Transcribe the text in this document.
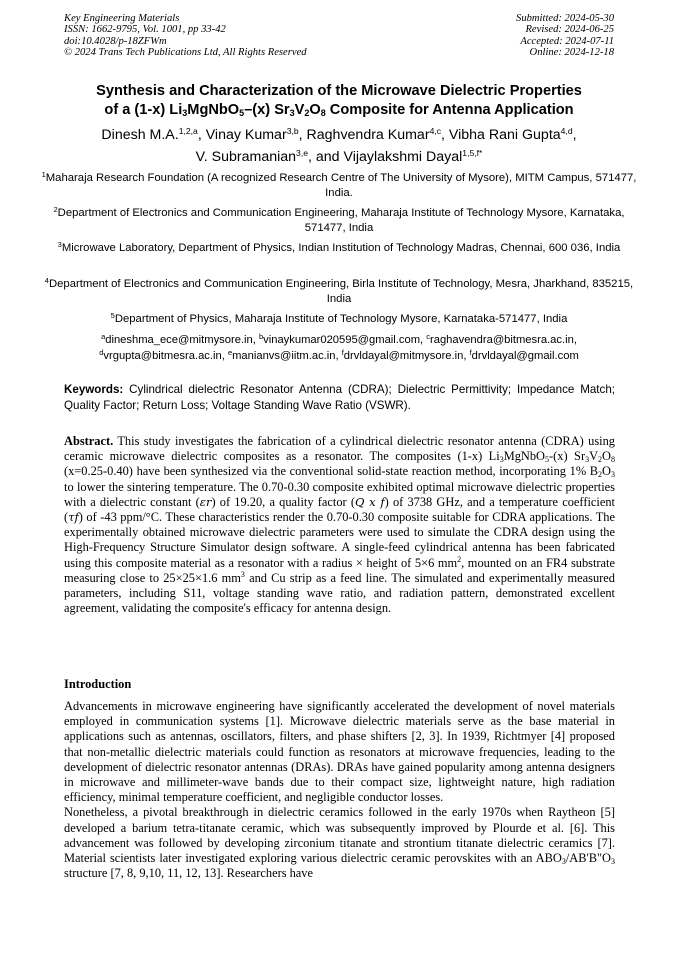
Key Engineering Materials
ISSN: 1662-9795, Vol. 1001, pp 33-42
doi:10.4028/p-18ZFWm
© 2024 Trans Tech Publications Ltd, All Rights Reserved
Submitted: 2024-05-30
Revised: 2024-06-25
Accepted: 2024-07-11
Online: 2024-12-18
Synthesis and Characterization of the Microwave Dielectric Properties
of a (1-x) $Li_3MgNbO_5-(x)$ $Sr_3V_2O_8$ Composite for Antenna Application
Dinesh M.A.$^{1,2,a}$, Vinay Kumar$^{3,b}$, Raghvendra Kumar$^{4,c}$, Vibha Rani Gupta$^{4,d}$,
V. Subramanian$^{3,e}$, and Vijaylakshmi Dayal$^{1,5,f*}$
$^1$Maharaja Research Foundation (A recognized Research Centre of The University of Mysore), MITM Campus, 571477, India.
$^2$Department of Electronics and Communication Engineering, Maharaja Institute of Technology Mysore, Karnataka, 571477, India
$^3$Microwave Laboratory, Department of Physics, Indian Institution of Technology Madras, Chennai, 600 036, India
$^4$Department of Electronics and Communication Engineering, Birla Institute of Technology, Mesra, Jharkhand, 835215, India
$^5$Department of Physics, Maharaja Institute of Technology Mysore, Karnataka-571477, India
$^a$dineshma_ece@mitmysore.in, $^b$vinaykumar020595@gmail.com, $^c$raghavendra@bitmesra.ac.in,
$^d$vrgupta@bitmesra.ac.in, $^e$manianvs@iitm.ac.in, $^f$drvldayal@mitmysore.in, $^f$drvldayal@gmail.com
Keywords: Cylindrical dielectric Resonator Antenna (CDRA); Dielectric Permittivity; Impedance Match; Quality Factor; Return Loss; Voltage Standing Wave Ratio (VSWR).
Abstract. This study investigates the fabrication of a cylindrical dielectric resonator antenna (CDRA) using ceramic microwave dielectric composites as a resonator. The composites (1-x) $Li_3MgNbO_5-(x)$ $Sr_3V_2O_8$ (x=0.25-0.40) have been synthesized via the conventional solid-state reaction method, incorporating 1% $B_2O_3$ to lower the sintering temperature. The 0.70-0.30 composite exhibited optimal microwave dielectric properties with a dielectric constant (εr) of 19.20, a quality factor (Q x f) of 3738 GHz, and a temperature coefficient (τf) of -43 ppm/°C. These characteristics render the 0.70-0.30 composite suitable for CDRA applications. The experimentally obtained microwave dielectric parameters were used to simulate the CDRA design using the High-Frequency Structure Simulator design software. A single-feed cylindrical antenna has been fabricated using this composite material as a resonator with a radius × height of 5×6 $mm^2$, mounted on an FR4 substrate measuring close to 25×25×1.6 $mm^3$ and Cu strip as a feed line. The simulated and experimentally measured parameters, including S11, voltage standing wave ratio, and radiation pattern, demonstrated excellent agreement, validating the composite's efficacy for antenna design.
Introduction

Advancements in microwave engineering have significantly accelerated the development of novel materials employed in communication systems [1]. Microwave dielectric materials serve as the base material in applications such as antennas, oscillators, filters, and phase shifters [2, 3]. In 1939, Richtmyer [4] proposed that non-metallic dielectric materials could function as resonators at microwave frequencies, leading to the development of dielectric resonator antennas (DRAs). DRAs have gained popularity among antenna designers in microwave and millimeter-wave bands due to their compact size, lightweight nature, high radiation efficiency, minimal temperature coefficient, and negligible conductor losses.

Nonetheless, a pivotal breakthrough in dielectric ceramics followed in the early 1970s when Raytheon [5] developed a barium tetra-titanate ceramic, which was subsequently improved by Plourde et al. [6]. This advancement was followed by developing zirconium titanate and strontium titanate dielectric ceramics [7]. Material scientists later investigated exploring various dielectric ceramic perovskites with an $ABO_3/AB'B"O_3$ structure [7, 8, 9,10, 11, 12, 13]. Researchers have
